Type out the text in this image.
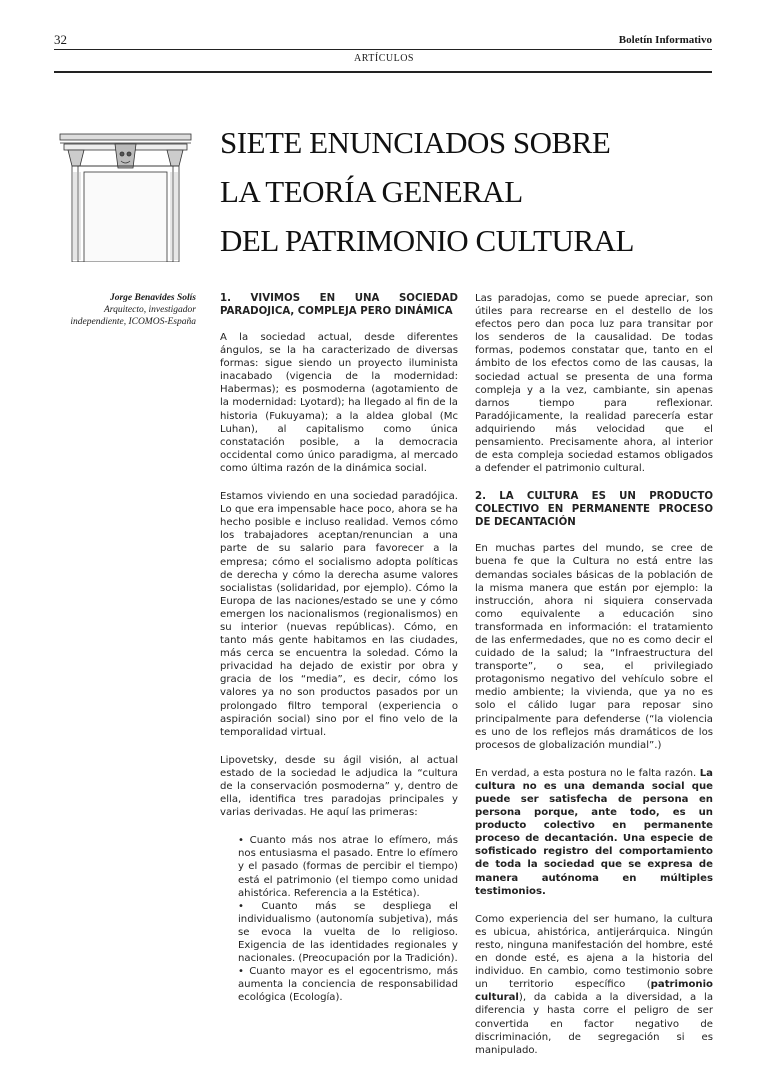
32	Boletín Informativo
ARTÍCULOS
SIETE ENUNCIADOS SOBRE
LA TEORÍA GENERAL
DEL PATRIMONIO CULTURAL
Jorge Benavides Solís
Arquitecto, investigador
independiente, ICOMOS-España
1. VIVIMOS EN UNA SOCIEDAD PARADOJICA, COMPLEJA PERO DINÁMICA

A la sociedad actual, desde diferentes ángulos, se la ha caracterizado de diversas formas: sigue siendo un proyecto iluminista inacabado (vigencia de la modernidad: Habermas); es posmoderna (agotamiento de la modernidad: Lyotard); ha llegado al fin de la historia (Fukuyama); a la aldea global (Mc Luhan), al capitalismo como única constatación posible, a la democracia occidental como único paradigma, al mercado como última razón de la dinámica social.

Estamos viviendo en una sociedad paradójica. Lo que era impensable hace poco, ahora se ha hecho posible e incluso realidad. Vemos cómo los trabajadores aceptan/renuncian a una parte de su salario para favorecer a la empresa; cómo el socialismo adopta políticas de derecha y cómo la derecha asume valores socialistas (solidaridad, por ejemplo). Cómo la Europa de las naciones/estado se une y cómo emergen los nacionalismos (regionalismos) en su interior (nuevas repúblicas). Cómo, en tanto más gente habitamos en las ciudades, más cerca se encuentra la soledad. Cómo la privacidad ha dejado de existir por obra y gracia de los “media”, es decir, cómo los valores ya no son productos pasados por un prolongado filtro temporal (experiencia o aspiración social) sino por el fino velo de la temporalidad virtual.

Lipovetsky, desde su ágil visión, al actual estado de la sociedad le adjudica la “cultura de la conservación posmoderna” y, dentro de ella, identifica tres paradojas principales y varias derivadas. He aquí las primeras:

• Cuanto más nos atrae lo efímero, más nos entusiasma el pasado. Entre lo efímero y el pasado (formas de percibir el tiempo) está el patrimonio (el tiempo como unidad ahistórica. Referencia a la Estética).

• Cuanto más se despliega el individualismo (autonomía subjetiva), más se evoca la vuelta de lo religioso. Exigencia de las identidades regionales y nacionales. (Preocupación por la Tradición).

• Cuanto mayor es el egocentrismo, más aumenta la conciencia de responsabilidad ecológica (Ecología).

Las paradojas, como se puede apreciar, son útiles para recrearse en el destello de los efectos pero dan poca luz para transitar por los senderos de la causalidad. De todas formas, podemos constatar que, tanto en el ámbito de los efectos como de las causas, la sociedad actual se presenta de una forma compleja y a la vez, cambiante, sin apenas darnos tiempo para reflexionar. Paradójicamente, la realidad parecería estar adquiriendo más velocidad que el pensamiento. Precisamente ahora, al interior de esta compleja sociedad estamos obligados a defender el patrimonio cultural.

2. LA CULTURA ES UN PRODUCTO COLECTIVO EN PERMANENTE PROCESO DE DECANTACIÓN

En muchas partes del mundo, se cree de buena fe que la Cultura no está entre las demandas sociales básicas de la población de la misma manera que están por ejemplo: la instrucción, ahora ni siquiera conservada como equivalente a educación sino transformada en información: el tratamiento de las enfermedades, que no es como decir el cuidado de la salud; la “Infraestructura del transporte”, o sea, el privilegiado protagonismo negativo del vehículo sobre el medio ambiente; la vivienda, que ya no es solo el cálido lugar para reposar sino principalmente para defenderse (“la violencia es uno de los reflejos más dramáticos de los procesos de globalización mundial”.)

En verdad, a esta postura no le falta razón. La cultura no es una demanda social que puede ser satisfecha de persona en persona porque, ante todo, es un producto colectivo en permanente proceso de decantación. Una especie de sofisticado registro del comportamiento de toda la sociedad que se expresa de manera autónoma en múltiples testimonios.

Como experiencia del ser humano, la cultura es ubicua, ahistórica, antijerárquica. Ningún resto, ninguna manifestación del hombre, esté en donde esté, es ajena a la historia del individuo. En cambio, como testimonio sobre un territorio específico (patrimonio cultural), da cabida a la diversidad, a la diferencia y hasta corre el peligro de ser convertida en factor negativo de discriminación, de segregación si es manipulado.
